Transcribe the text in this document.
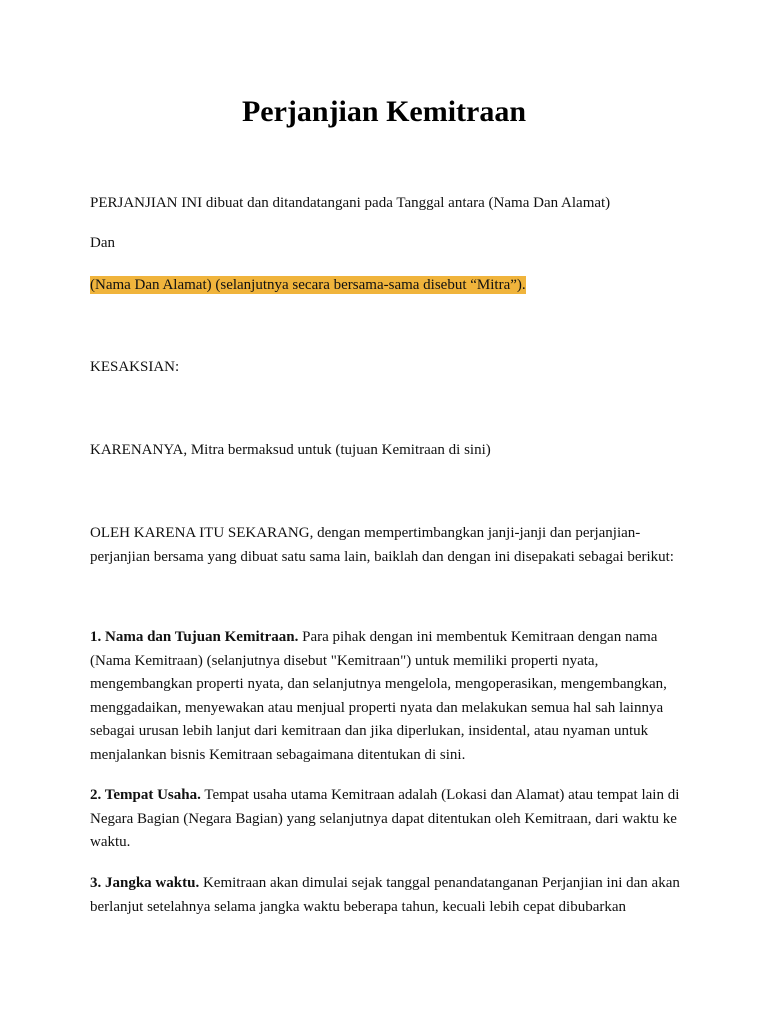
Perjanjian Kemitraan

PERJANJIAN INI dibuat dan ditandatangani pada Tanggal antara (Nama Dan Alamat)

Dan

(Nama Dan Alamat) (selanjutnya secara bersama-sama disebut “Mitra”).

KESAKSIAN:

KARENANYA, Mitra bermaksud untuk (tujuan Kemitraan di sini)

OLEH KARENA ITU SEKARANG, dengan mempertimbangkan janji-janji dan perjanjian-perjanjian bersama yang dibuat satu sama lain, baiklah dan dengan ini disepakati sebagai berikut:

1. Nama dan Tujuan Kemitraan. Para pihak dengan ini membentuk Kemitraan dengan nama (Nama Kemitraan) (selanjutnya disebut "Kemitraan") untuk memiliki properti nyata, mengembangkan properti nyata, dan selanjutnya mengelola, mengoperasikan, mengembangkan, menggadaikan, menyewakan atau menjual properti nyata dan melakukan semua hal sah lainnya sebagai urusan lebih lanjut dari kemitraan dan jika diperlukan, insidental, atau nyaman untuk menjalankan bisnis Kemitraan sebagaimana ditentukan di sini.

2. Tempat Usaha. Tempat usaha utama Kemitraan adalah (Lokasi dan Alamat) atau tempat lain di Negara Bagian (Negara Bagian) yang selanjutnya dapat ditentukan oleh Kemitraan, dari waktu ke waktu.

3. Jangka waktu. Kemitraan akan dimulai sejak tanggal penandatanganan Perjanjian ini dan akan berlanjut setelahnya selama jangka waktu beberapa tahun, kecuali lebih cepat dibubarkan
